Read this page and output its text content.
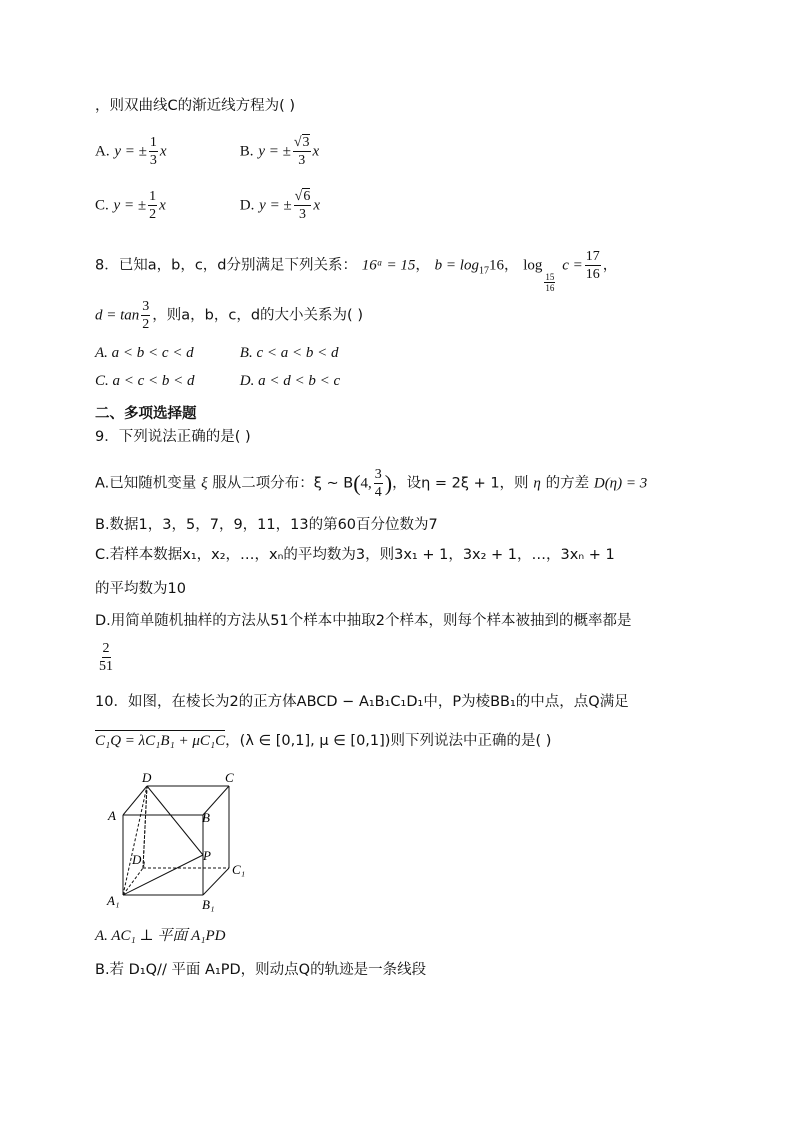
，则双曲线C的渐近线方程为( )
A. y = ± $\frac{1}{3}$ x	B. y = ± $\frac{√3}{3}$ x
C. y = ± $\frac{1}{2}$ x	D. y = ± $\frac{√6}{3}$ x
8．已知a，b，c，d分别满足下列关系： 16ᵃ = 15， $b = \log_{17}16$， log
$\frac{15}{16}$
$c = \frac{17}{16}$ ，
$d = \tan \frac{3}{2}$ ，则a，b，c，d的大小关系为( )
A. a < b < c < d	B. c < a < b < d
C. a < c < b < d	D. a < d < b < c
二、多项选择题
9．下列说法正确的是( )
A.已知随机变量 ξ 服从二项分布：ξ ~ B(4, $\frac{3}{4}$ )，设η = 2ξ + 1，则 η 的方差 D(η) = 3
B.数据1，3，5，7，9，11，13的第60百分位数为7
C.若样本数据x₁，x₂，…，xₙ的平均数为3，则3x₁ + 1，3x₂ + 1，…，3xₙ + 1
的平均数为10
D.用简单随机抽样的方法从51个样本中抽取2个样本，则每个样本被抽到的概率都是
$\frac{2}{51}$
10．如图，在棱长为2的正方体ABCD − A₁B₁C₁D₁中，P为棱BB₁的中点，点Q满足
C₁Q = λC₁B₁ + μC₁C，(λ ∈ [0,1], μ ∈ [0,1])则下列说法中正确的是( )
D	C
A	B
P
D₁
C₁
A₁	B₁
A. AC₁ ⊥ 平面 A₁PD
B.若 D₁Q// 平面 A₁PD，则动点Q的轨迹是一条线段
